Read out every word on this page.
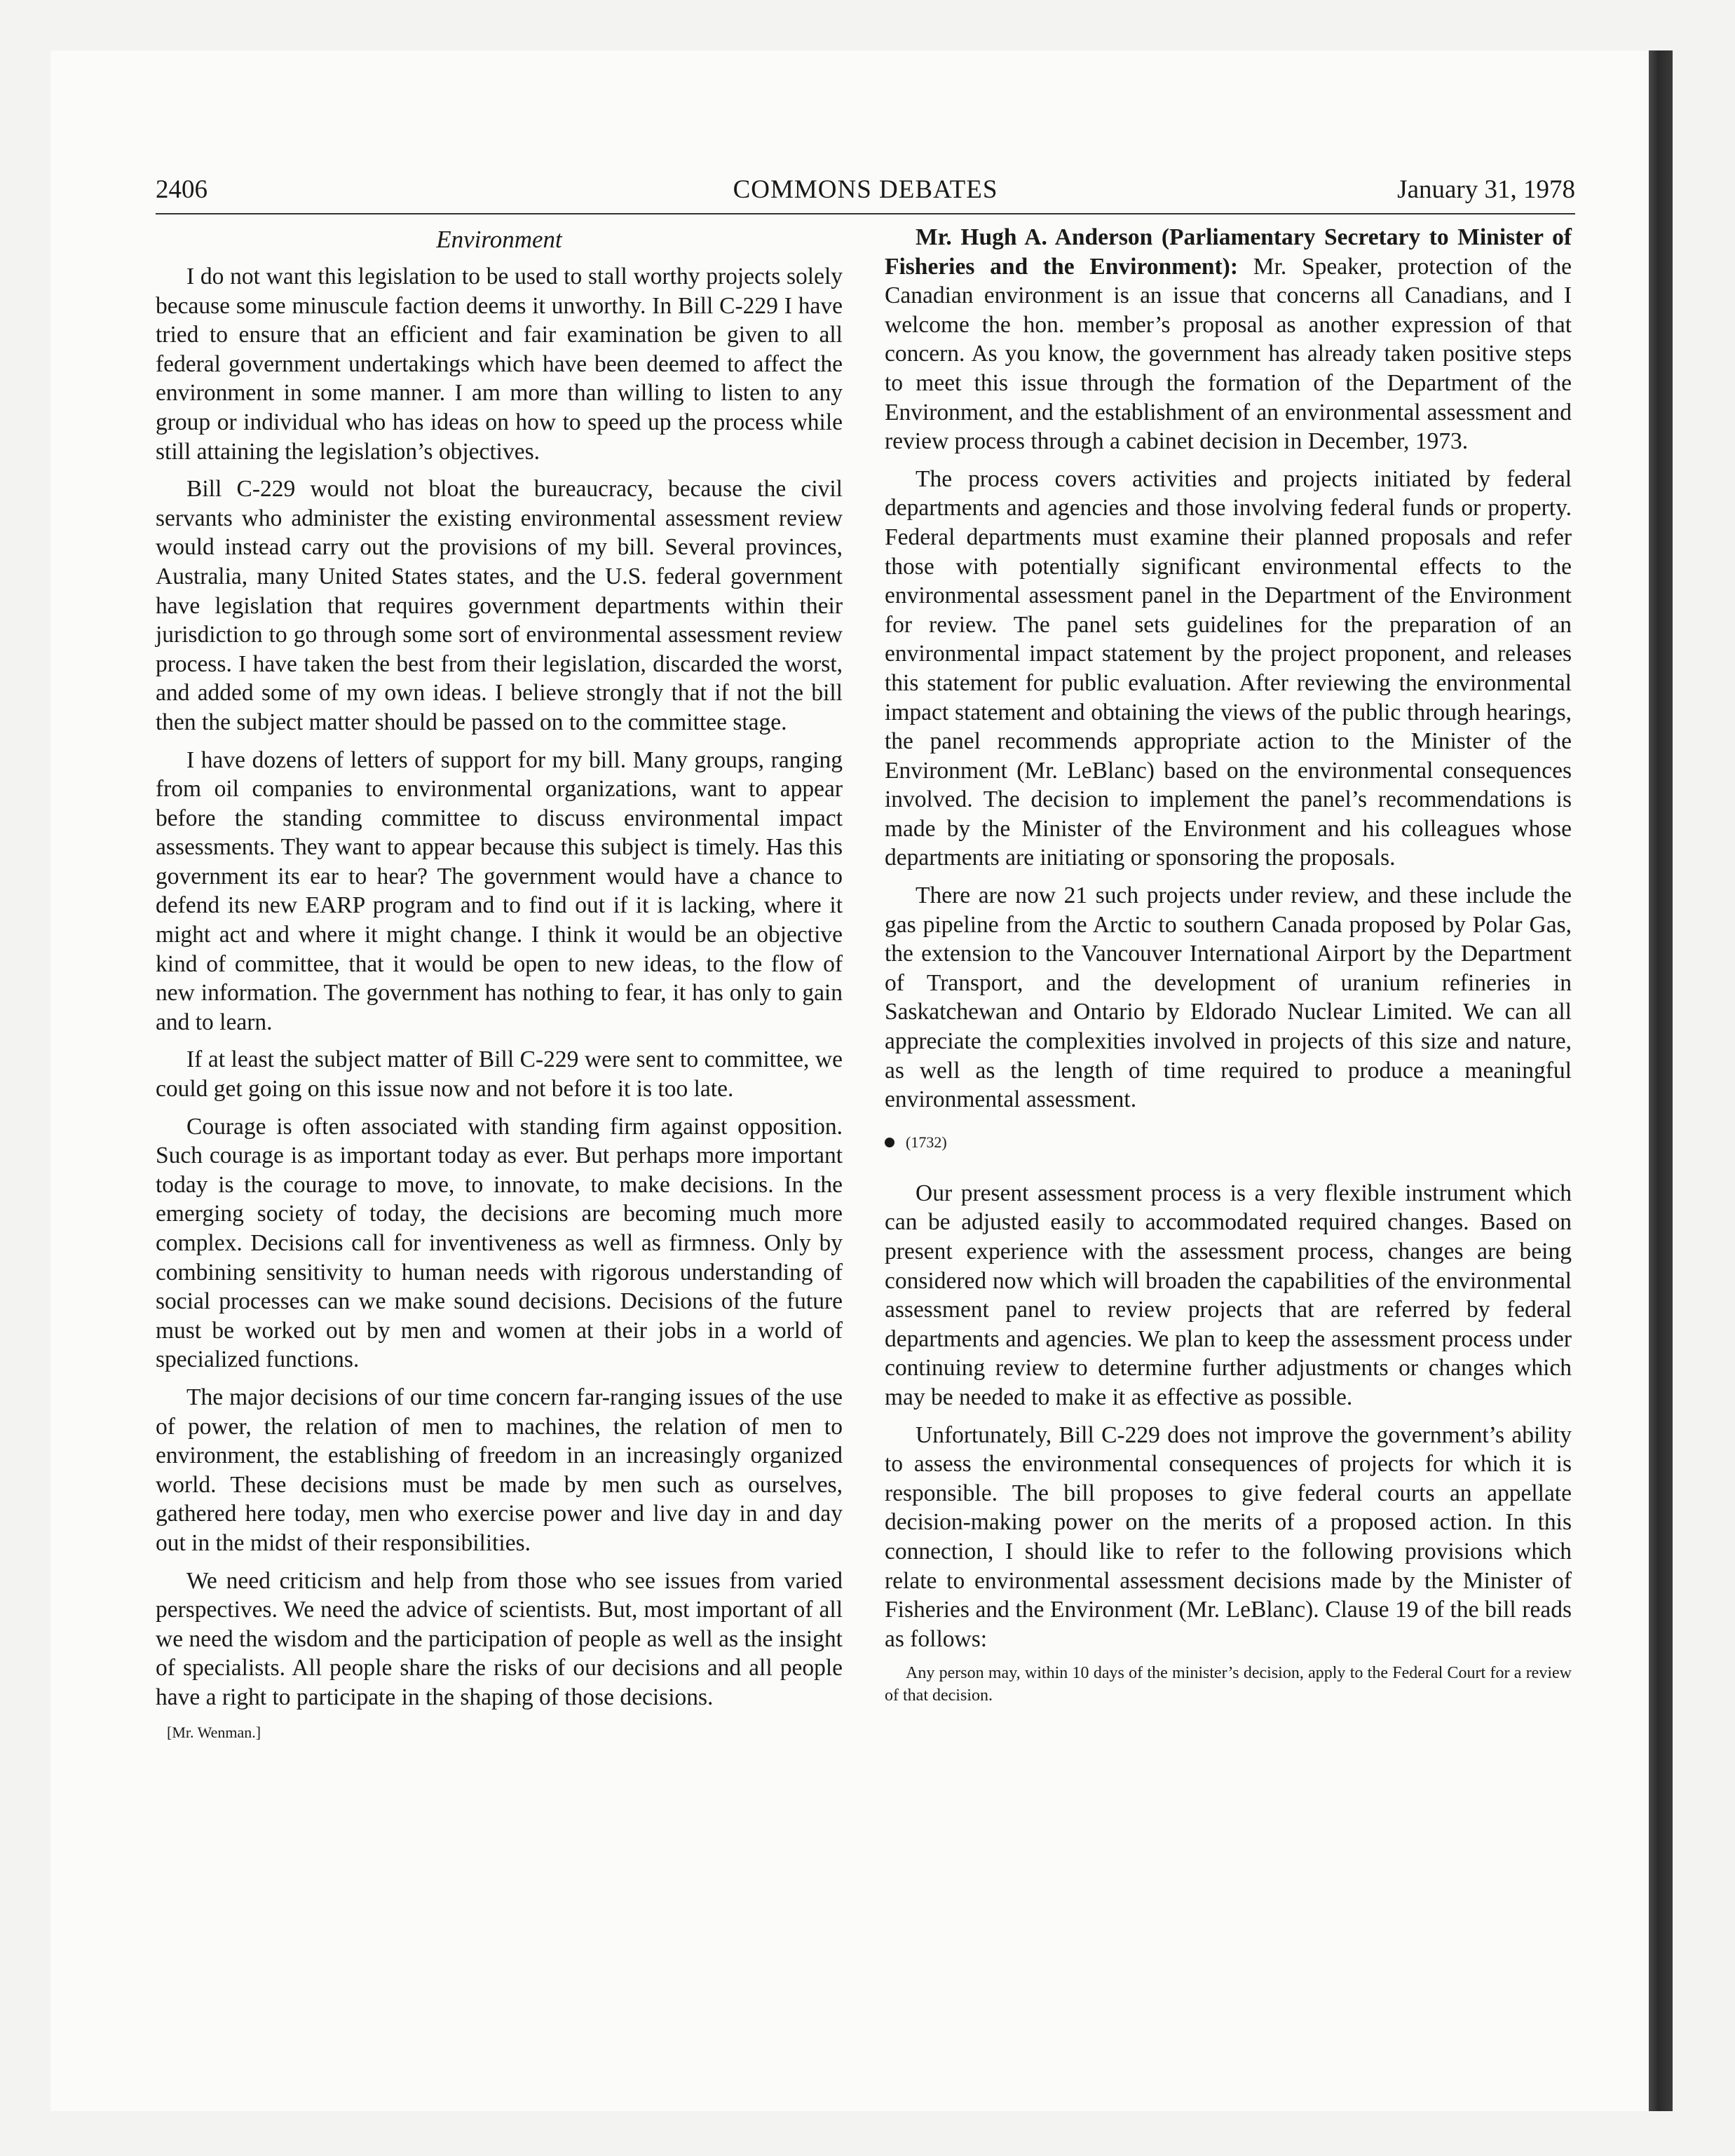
2406	COMMONS DEBATES	January 31, 1978
Environment

I do not want this legislation to be used to stall worthy projects solely because some minuscule faction deems it unworthy. In Bill C-229 I have tried to ensure that an efficient and fair examination be given to all federal government undertakings which have been deemed to affect the environment in some manner. I am more than willing to listen to any group or individual who has ideas on how to speed up the process while still attaining the legislation’s objectives.

Bill C-229 would not bloat the bureaucracy, because the civil servants who administer the existing environmental assessment review would instead carry out the provisions of my bill. Several provinces, Australia, many United States states, and the U.S. federal government have legislation that requires government departments within their jurisdiction to go through some sort of environmental assessment review process. I have taken the best from their legislation, discarded the worst, and added some of my own ideas. I believe strongly that if not the bill then the subject matter should be passed on to the committee stage.

I have dozens of letters of support for my bill. Many groups, ranging from oil companies to environmental organizations, want to appear before the standing committee to discuss environmental impact assessments. They want to appear because this subject is timely. Has this government its ear to hear? The government would have a chance to defend its new EARP program and to find out if it is lacking, where it might act and where it might change. I think it would be an objective kind of committee, that it would be open to new ideas, to the flow of new information. The government has nothing to fear, it has only to gain and to learn.

If at least the subject matter of Bill C-229 were sent to committee, we could get going on this issue now and not before it is too late.

Courage is often associated with standing firm against opposition. Such courage is as important today as ever. But perhaps more important today is the courage to move, to innovate, to make decisions. In the emerging society of today, the decisions are becoming much more complex. Decisions call for inventiveness as well as firmness. Only by combining sensitivity to human needs with rigorous understanding of social processes can we make sound decisions. Decisions of the future must be worked out by men and women at their jobs in a world of specialized functions.

The major decisions of our time concern far-ranging issues of the use of power, the relation of men to machines, the relation of men to environment, the establishing of freedom in an increasingly organized world. These decisions must be made by men such as ourselves, gathered here today, men who exercise power and live day in and day out in the midst of their responsibilities.

We need criticism and help from those who see issues from varied perspectives. We need the advice of scientists. But, most important of all we need the wisdom and the participation of people as well as the insight of specialists. All people share the risks of our decisions and all people have a right to participate in the shaping of those decisions.

[Mr. Wenman.]

Mr. Hugh A. Anderson (Parliamentary Secretary to Minister of Fisheries and the Environment): Mr. Speaker, protection of the Canadian environment is an issue that concerns all Canadians, and I welcome the hon. member’s proposal as another expression of that concern. As you know, the government has already taken positive steps to meet this issue through the formation of the Department of the Environment, and the establishment of an environmental assessment and review process through a cabinet decision in December, 1973.

The process covers activities and projects initiated by federal departments and agencies and those involving federal funds or property. Federal departments must examine their planned proposals and refer those with potentially significant environmental effects to the environmental assessment panel in the Department of the Environment for review. The panel sets guidelines for the preparation of an environmental impact statement by the project proponent, and releases this statement for public evaluation. After reviewing the environmental impact statement and obtaining the views of the public through hearings, the panel recommends appropriate action to the Minister of the Environment (Mr. LeBlanc) based on the environmental consequences involved. The decision to implement the panel’s recommendations is made by the Minister of the Environment and his colleagues whose departments are initiating or sponsoring the proposals.

There are now 21 such projects under review, and these include the gas pipeline from the Arctic to southern Canada proposed by Polar Gas, the extension to the Vancouver International Airport by the Department of Transport, and the development of uranium refineries in Saskatchewan and Ontario by Eldorado Nuclear Limited. We can all appreciate the complexities involved in projects of this size and nature, as well as the length of time required to produce a meaningful environmental assessment.

(1732)

Our present assessment process is a very flexible instrument which can be adjusted easily to accommodated required changes. Based on present experience with the assessment process, changes are being considered now which will broaden the capabilities of the environmental assessment panel to review projects that are referred by federal departments and agencies. We plan to keep the assessment process under continuing review to determine further adjustments or changes which may be needed to make it as effective as possible.

Unfortunately, Bill C-229 does not improve the government’s ability to assess the environmental consequences of projects for which it is responsible. The bill proposes to give federal courts an appellate decision-making power on the merits of a proposed action. In this connection, I should like to refer to the following provisions which relate to environmental assessment decisions made by the Minister of Fisheries and the Environment (Mr. LeBlanc). Clause 19 of the bill reads as follows:

Any person may, within 10 days of the minister’s decision, apply to the Federal Court for a review of that decision.
